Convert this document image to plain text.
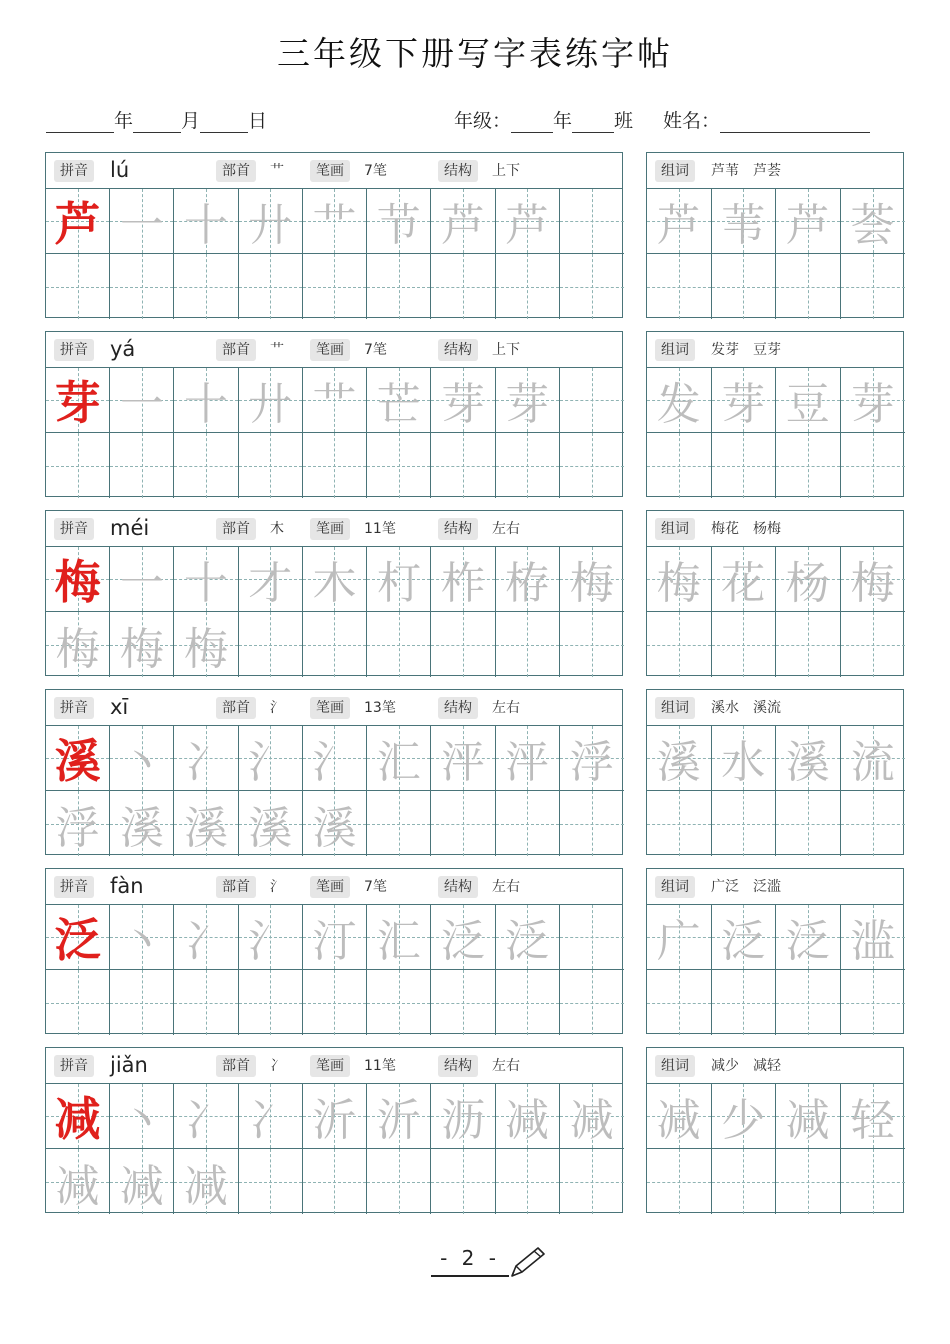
三年级下册写字表练字帖
年	月	日	年级： 年 班 姓名：
拼音 lú	部首	艹	笔画	7笔	结构	上下
芦 一 十 廾 艹 节 芦 芦
组词	芦苇　芦荟
芦 苇 芦 荟
拼音 yá	部首	艹	笔画	7笔	结构	上下
芽 一 十 廾 艹 芒 芽 芽
组词	发芽　豆芽
发 芽 豆 芽
拼音 méi	部首	木	笔画	11笔	结构	左右
梅 一 十 才 木 朾 柞 栫 梅
梅 梅 梅
组词	梅花　杨梅
梅 花 杨 梅
拼音 xī	部首	氵	笔画	13笔	结构	左右
溪 丶 冫 氵 氵 汇 泙 泙 浮
浮 溪 溪 溪 溪
组词	溪水　溪流
溪 水 溪 流
拼音 fàn	部首	氵	笔画	7笔	结构	左右
泛 丶 冫 氵 汀 汇 泛 泛
组词	广泛　泛滥
广 泛 泛 滥
拼音 jiǎn	部首	冫	笔画	11笔	结构	左右
减 丶 冫 冫 沂 沂 沥 减 减
减 减 减
组词	减少　减轻
减 少 减 轻
- 2 -
